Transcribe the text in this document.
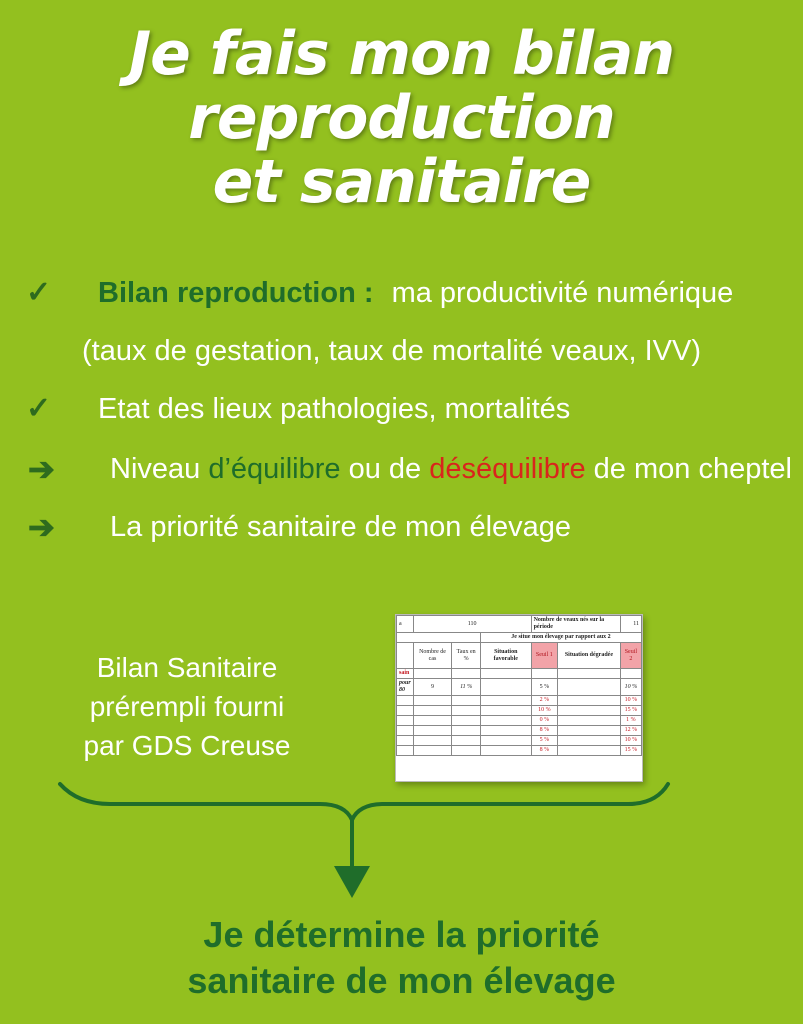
Je fais mon bilan
reproduction
et sanitaire
✓ Bilan reproduction : ma productivité numérique
(taux de gestation, taux de mortalité veaux, IVV)
✓ Etat des lieux pathologies, mortalités
➔ Niveau d’équilibre ou de déséquilibre de mon cheptel
➔ La priorité sanitaire de mon élevage
Bilan Sanitaire
prérempli fourni
par GDS Creuse
a	110			Nombre de veaux nés sur la période		11
			Je situe mon élevage par rapport aux 2			
	Nombre de cas	Taux en %	Situation favorable	Seuil 1	Situation dégradée	Seuil 2
sain						
pour 80	9	11 %		5 %		10 %
				2 %		10 %
				10 %		15 %
				0 %		1 %
				8 %		12 %
				5 %		10 %
				8 %		15 %
Je détermine la priorité
sanitaire de mon élevage
